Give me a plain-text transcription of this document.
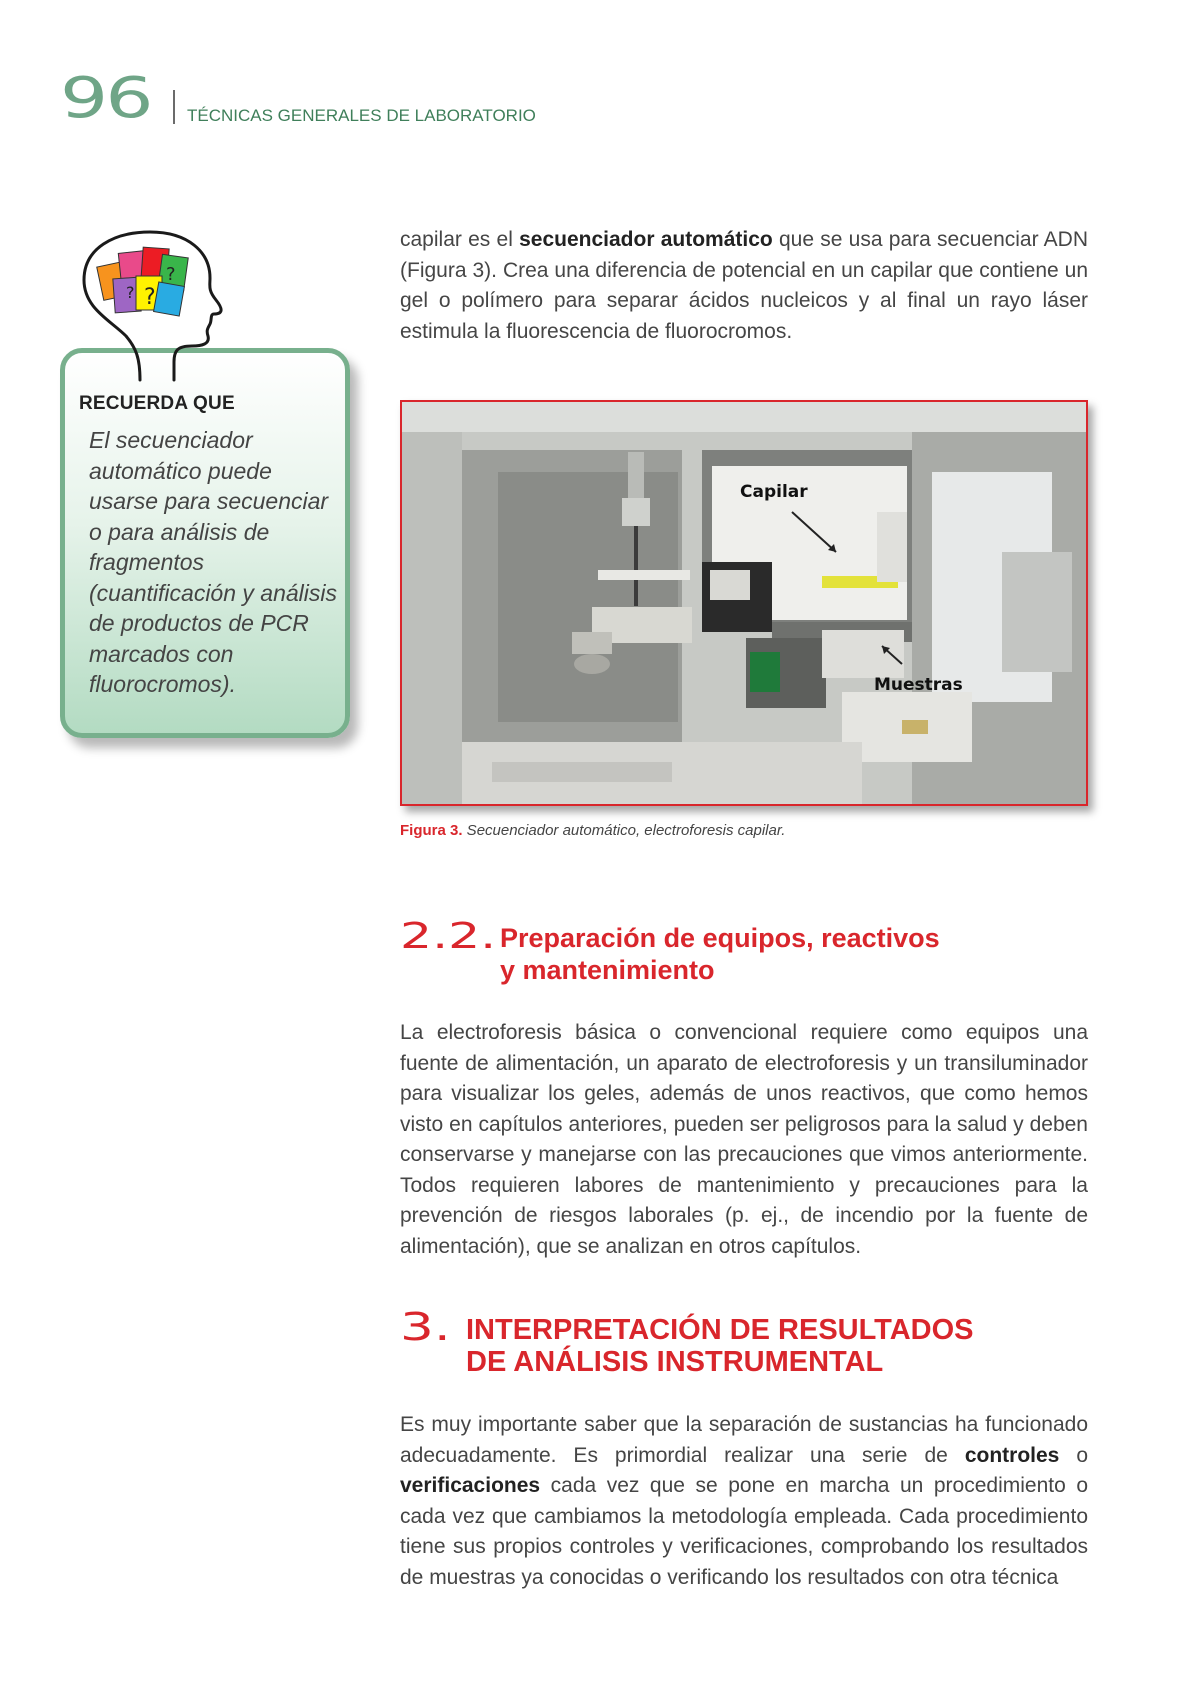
96 TÉCNICAS GENERALES DE LABORATORIO

capilar es el secuenciador automático que se usa para secuenciar ADN (Figura 3). Crea una diferencia de potencial en un capilar que contiene un gel o polímero para separar ácidos nucleicos y al final un rayo láser estimula la fluorescencia de fluorocromos.

RECUERDA QUE
El secuenciador automático puede usarse para secuenciar o para análisis de fragmentos (cuantificación y análisis de productos de PCR marcados con fluorocromos).
?
?
?
Capilar
Muestras
Figura 3. Secuenciador automático, electroforesis capilar.
2.2. Preparación de equipos, reactivos
y mantenimiento

La electroforesis básica o convencional requiere como equipos una fuente de alimentación, un aparato de electroforesis y un transiluminador para visualizar los geles, además de unos reactivos, que como hemos visto en capítulos anteriores, pueden ser peligrosos para la salud y deben conservarse y manejarse con las precauciones que vimos anteriormente. Todos requieren labores de mantenimiento y precauciones para la prevención de riesgos laborales (p. ej., de incendio por la fuente de alimentación), que se analizan en otros capítulos.

3. INTERPRETACIÓN DE RESULTADOS
DE ANÁLISIS INSTRUMENTAL

Es muy importante saber que la separación de sustancias ha funcionado adecuadamente. Es primordial realizar una serie de controles o verificaciones cada vez que se pone en marcha un procedimiento o cada vez que cambiamos la metodología empleada. Cada procedimiento tiene sus propios controles y verificaciones, comprobando los resultados de muestras ya conocidas o verificando los resultados con otra técnica
